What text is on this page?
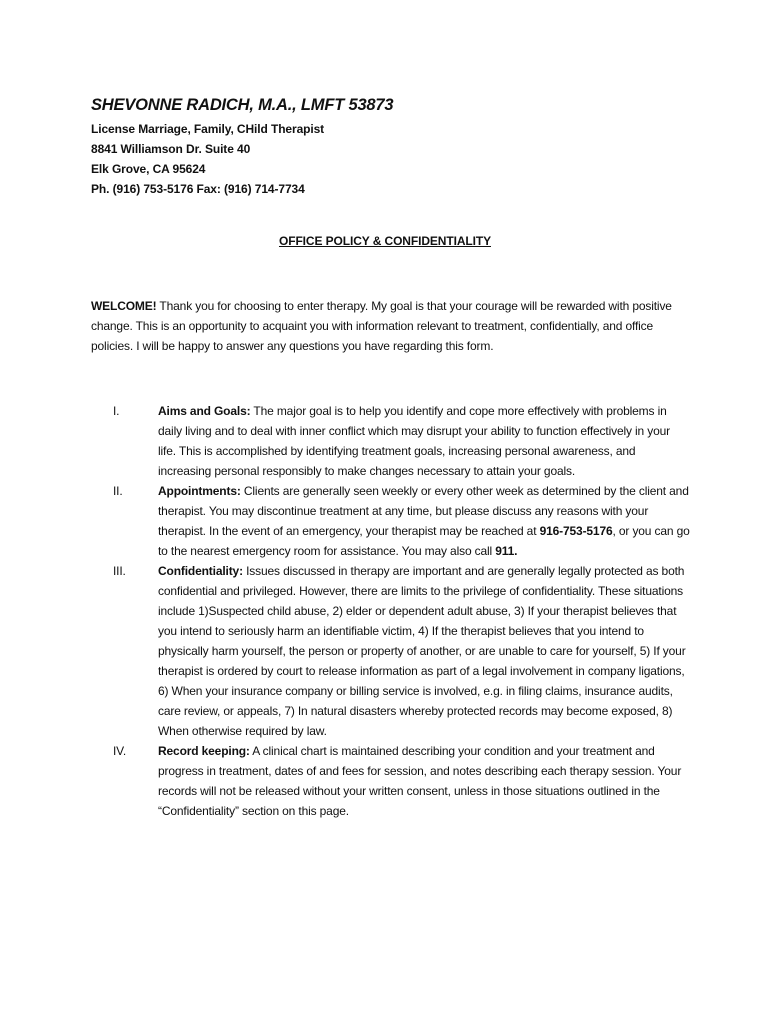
SHEVONNE RADICH, M.A., LMFT 53873

License Marriage, Family, CHild Therapist

8841 Williamson Dr. Suite 40

Elk Grove, CA 95624

Ph. (916) 753-5176 Fax: (916) 714-7734

OFFICE POLICY & CONFIDENTIALITY
WELCOME! Thank you for choosing to enter therapy. My goal is that your courage will be rewarded with positive change. This is an opportunity to acquaint you with information relevant to treatment, confidentially, and office policies. I will be happy to answer any questions you have regarding this form.
I.	Aims and Goals: The major goal is to help you identify and cope more effectively with problems in daily living and to deal with inner conflict which may disrupt your ability to function effectively in your life. This is accomplished by identifying treatment goals, increasing personal awareness, and increasing personal responsibly to make changes necessary to attain your goals.
II.	Appointments: Clients are generally seen weekly or every other week as determined by the client and therapist. You may discontinue treatment at any time, but please discuss any reasons with your therapist. In the event of an emergency, your therapist may be reached at 916-753-5176, or you can go to the nearest emergency room for assistance. You may also call 911.
III.	Confidentiality: Issues discussed in therapy are important and are generally legally protected as both confidential and privileged. However, there are limits to the privilege of confidentiality. These situations include 1)Suspected child abuse, 2) elder or dependent adult abuse, 3) If your therapist believes that you intend to seriously harm an identifiable victim, 4) If the therapist believes that you intend to physically harm yourself, the person or property of another, or are unable to care for yourself, 5) If your therapist is ordered by court to release information as part of a legal involvement in company ligations, 6) When your insurance company or billing service is involved, e.g. in filing claims, insurance audits, care review, or appeals, 7) In natural disasters whereby protected records may become exposed, 8) When otherwise required by law.
IV.	Record keeping: A clinical chart is maintained describing your condition and your treatment and progress in treatment, dates of and fees for session, and notes describing each therapy session. Your records will not be released without your written consent, unless in those situations outlined in the “Confidentiality” section on this page.
